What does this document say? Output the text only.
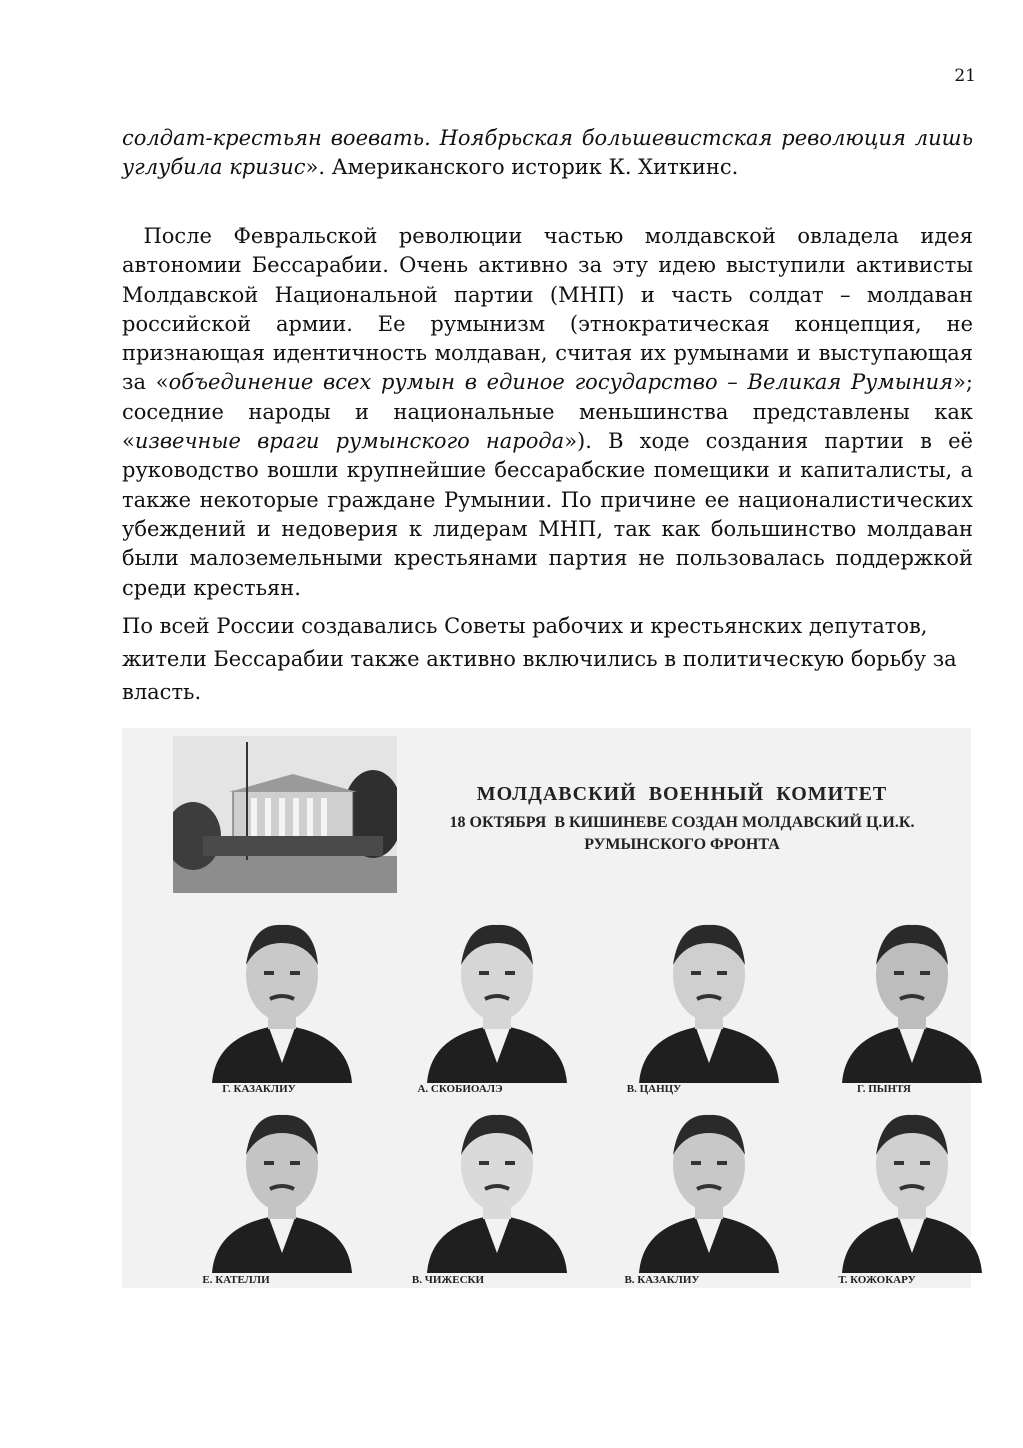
21
солдат-крестьян воевать. Ноябрьская большевистская революция лишь
углубила кризис». Американского историк К. Хиткинс.
После Февральской революции частью молдавской овладела идея
автономии Бессарабии. Очень активно за эту идею выступили активисты
Молдавской Национальной партии (МНП) и часть солдат – молдаван
российской армии. Ее румынизм (этнократическая концепция, не
признающая идентичность молдаван, считая их румынами и выступающая
за «объединение всех румын в единое государство – Великая Румыния»;
соседние народы и национальные меньшинства представлены как
«извечные враги румынского народа»). В ходе создания партии в её
руководство вошли крупнейшие бессарабские помещики и капиталисты, а
также некоторые граждане Румынии. По причине ее националистических
убеждений и недоверия к лидерам МНП, так как большинство молдаван
были малоземельными крестьянами партия не пользовалась поддержкой
среди крестьян.
По всей России создавались Советы рабочих и крестьянских депутатов,
жители Бессарабии также активно включились в политическую борьбу за
власть.
МОЛДАВСКИЙ  ВОЕННЫЙ  КОМИТЕТ
18 ОКТЯБРЯ  В КИШИНЕВЕ СОЗДАН МОЛДАВСКИЙ Ц.И.К.
РУМЫНСКОГО ФРОНТА
Г. КАЗАКЛИУ	А. СКОБИОАЛЭ	В. ЦАНЦУ	Г. ПЫНТЯ
Е. КАТЕЛЛИ	В. ЧИЖЕСКИ	В. КАЗАКЛИУ	Т. КОЖОКАРУ
